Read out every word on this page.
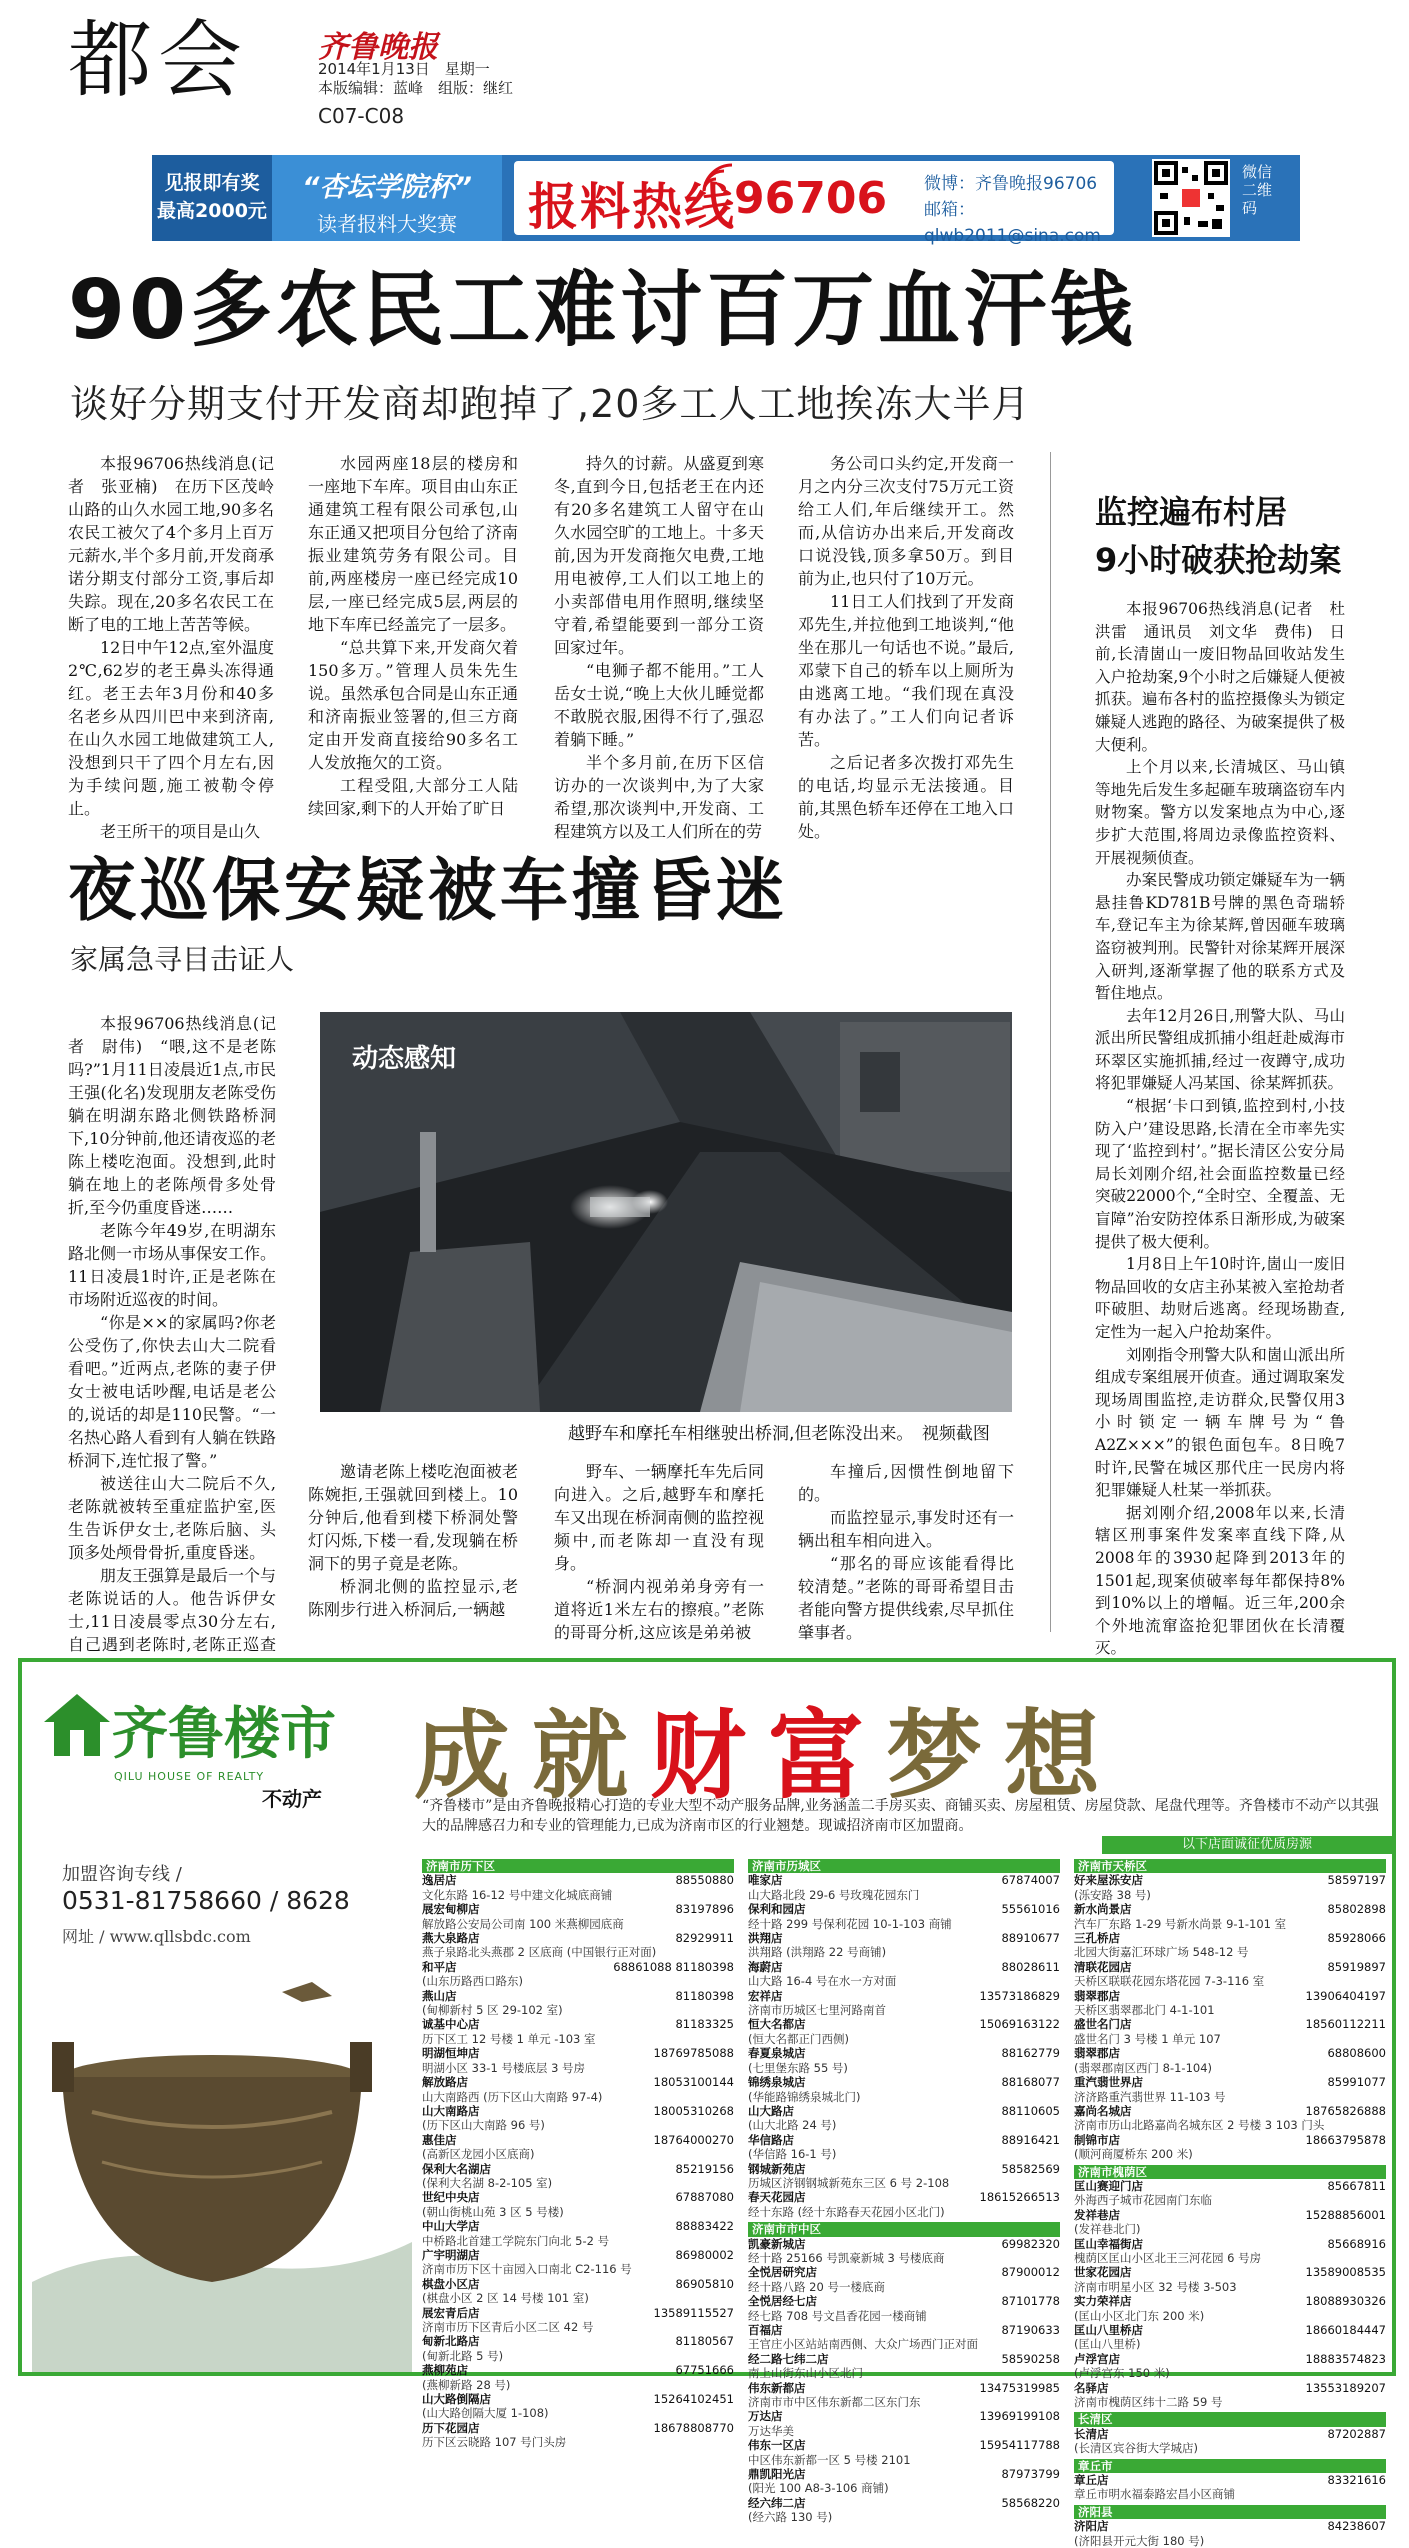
都会 齐鲁晚报
2014年1月13日　星期一
本版编辑：蓝峰　组版：继红
C07-C08
见报即有奖
最高2000元
“杏坛学院杯”
读者报料大奖赛	报料热线
96706 微博：齐鲁晚报96706
邮箱：qlwb2011@sina.com
微信二维码
90多农民工难讨百万血汗钱
谈好分期支付开发商却跑掉了,20多工人工地挨冻大半月

本报96706热线消息(记者　张亚楠)　在历下区茂岭山路的山久水园工地,90多名农民工被欠了4个多月上百万元薪水,半个多月前,开发商承诺分期支付部分工资,事后却失踪。现在,20多名农民工在断了电的工地上苦苦等候。

12日中午12点,室外温度2℃,62岁的老王鼻头冻得通红。老王去年3月份和40多名老乡从四川巴中来到济南,在山久水园工地做建筑工人,没想到只干了四个月左右,因为手续问题,施工被勒令停止。

老王所干的项目是山久

水园两座18层的楼房和一座地下车库。项目由山东正通建筑工程有限公司承包,山东正通又把项目分包给了济南振业建筑劳务有限公司。目前,两座楼房一座已经完成10层,一座已经完成5层,两层的地下车库已经盖完了一层多。

“总共算下来,开发商欠着150多万。”管理人员朱先生说。虽然承包合同是山东正通和济南振业签署的,但三方商定由开发商直接给90多名工人发放拖欠的工资。

工程受阻,大部分工人陆续回家,剩下的人开始了旷日

持久的讨薪。从盛夏到寒冬,直到今日,包括老王在内还有20多名建筑工人留守在山久水园空旷的工地上。十多天前,因为开发商拖欠电费,工地用电被停,工人们以工地上的小卖部借电用作照明,继续坚守着,希望能要到一部分工资回家过年。

“电狮子都不能用。”工人岳女士说,“晚上大伙儿睡觉都不敢脱衣服,困得不行了,强忍着躺下睡。”

半个多月前,在历下区信访办的一次谈判中,为了大家希望,那次谈判中,开发商、工程建筑方以及工人们所在的劳

务公司口头约定,开发商一月之内分三次支付75万元工资给工人们,年后继续开工。然而,从信访办出来后,开发商改口说没钱,顶多拿50万。到目前为止,也只付了10万元。

11日工人们找到了开发商邓先生,并拉他到工地谈判,“他坐在那儿一句话也不说。”最后,邓蒙下自己的轿车以上厕所为由逃离工地。“我们现在真没有办法了。”工人们向记者诉苦。

之后记者多次拨打邓先生的电话,均显示无法接通。目前,其黑色轿车还停在工地入口处。

夜巡保安疑被车撞昏迷
家属急寻目击证人
动态感知
越野车和摩托车相继驶出桥洞,但老陈没出来。　视频截图

本报96706热线消息(记者　尉伟)　“喂,这不是老陈吗?”1月11日凌晨近1点,市民王强(化名)发现朋友老陈受伤躺在明湖东路北侧铁路桥洞下,10分钟前,他还请夜巡的老陈上楼吃泡面。没想到,此时躺在地上的老陈颅骨多处骨折,至今仍重度昏迷……

老陈今年49岁,在明湖东路北侧一市场从事保安工作。11日凌晨1时许,正是老陈在市场附近巡夜的时间。

“你是××的家属吗?你老公受伤了,你快去山大二院看看吧。”近两点,老陈的妻子伊女士被电话吵醒,电话是老公的,说话的却是110民警。“一名热心路人看到有人躺在铁路桥洞下,连忙报了警。”

被送往山大二院后不久,老陈就被转至重症监护室,医生告诉伊女士,老陈后脑、头顶多处颅骨骨折,重度昏迷。

朋友王强算是最后一个与老陈说话的人。他告诉伊女士,11日凌晨零点30分左右,自己遇到老陈时,老陈正巡查

邀请老陈上楼吃泡面被老陈婉拒,王强就回到楼上。10分钟后,他看到楼下桥洞处警灯闪烁,下楼一看,发现躺在桥洞下的男子竟是老陈。

桥洞北侧的监控显示,老陈刚步行进入桥洞后,一辆越

野车、一辆摩托车先后同向进入。之后,越野车和摩托车又出现在桥洞南侧的监控视频中,而老陈却一直没有现身。

“桥洞内视弟弟身旁有一道将近1米左右的擦痕。”老陈的哥哥分析,这应该是弟弟被

车撞后,因惯性倒地留下的。

而监控显示,事发时还有一辆出租车相向进入。

“那名的哥应该能看得比较清楚。”老陈的哥哥希望目击者能向警方提供线索,尽早抓住肇事者。

监控遍布村居
9小时破获抢劫案

本报96706热线消息(记者　杜洪雷　通讯员　刘文华　费伟)　日前,长清崮山一废旧物品回收站发生入户抢劫案,9个小时之后嫌疑人便被抓获。遍布各村的监控摄像头为锁定嫌疑人逃跑的路径、为破案提供了极大便利。

上个月以来,长清城区、马山镇等地先后发生多起砸车玻璃盗窃车内财物案。警方以发案地点为中心,逐步扩大范围,将周边录像监控资料、开展视频侦查。

办案民警成功锁定嫌疑车为一辆悬挂鲁KD781B号牌的黑色奇瑞轿车,登记车主为徐某辉,曾因砸车玻璃盗窃被判刑。民警针对徐某辉开展深入研判,逐渐掌握了他的联系方式及暂住地点。

去年12月26日,刑警大队、马山派出所民警组成抓捕小组赶赴威海市环翠区实施抓捕,经过一夜蹲守,成功将犯罪嫌疑人冯某国、徐某辉抓获。

“根据‘卡口到镇,监控到村,小技防入户’建设思路,长清在全市率先实现了‘监控到村’。”据长清区公安分局局长刘刚介绍,社会面监控数量已经突破22000个,“全时空、全覆盖、无盲障”治安防控体系日渐形成,为破案提供了极大便利。

1月8日上午10时许,崮山一废旧物品回收的女店主孙某被入室抢劫者吓破胆、劫财后逃离。经现场勘查,定性为一起入户抢劫案件。

刘刚指令刑警大队和崮山派出所组成专案组展开侦查。通过调取案发现场周围监控,走访群众,民警仅用3小时锁定一辆车牌号为“鲁A2Z×××”的银色面包车。8日晚7时许,民警在城区那代庄一民房内将犯罪嫌疑人杜某一举抓获。

据刘刚介绍,2008年以来,长清辖区刑事案件发案率直线下降,从2008年的3930起降到2013年的1501起,现案侦破率每年都保持8%到10%以上的增幅。近三年,200余个外地流窜盗抢犯罪团伙在长清覆灭。

齐鲁楼市
QILU HOUSE OF REALTY
不动产
加盟咨询专线 /
0531-81758660 / 8628
网址 / www.qllsbdc.com
成就财富梦想
“齐鲁楼市”是由齐鲁晚报精心打造的专业大型不动产服务品牌,业务涵盖二手房买卖、商铺买卖、房屋租赁、房屋贷款、尾盘代理等。齐鲁楼市不动产以其强大的品牌感召力和专业的管理能力,已成为济南市区的行业翘楚。现诚招济南市区加盟商。
以下店面诚征优质房源
济南市历下区
逸居店	88550880
文化东路 16-12 号中建文化城底商铺
展宏甸柳店	83197896
解放路公安局公司南 100 米燕柳园底商
燕大泉路店	82929911
燕子泉路北头燕郡 2 区底商 (中国银行正对面)
和平店	68861088 81180398
(山东历路西口路东)
燕山店	81180398
(甸柳新村 5 区 29-102 室)
诚基中心店	81183325
历下区工 12 号楼 1 单元 -103 室
明湖恒坤店	18769785088
明湖小区 33-1 号楼底层 3 号房
解放路店	18053100144
山大南路西 (历下区山大南路 97-4)
山大南路店	18005310268
(历下区山大南路 96 号)
惠佳店	18764000270
(高新区龙园小区底商)
保利大名湖店	85219156
(保利大名湖 8-2-105 室)
世纪中央店	67887080
(朝山街桃山苑 3 区 5 号楼)
中山大学店	88883422
中桥路北首建工学院东门向北 5-2 号
广宇明湖店	86980002
济南市历下区十亩园入口南北 C2-116 号
棋盘小区店	86905810
(棋盘小区 2 区 14 号楼 101 室)
展宏青后店	13589115527
济南市历下区青后小区二区 42 号
甸新北路店	81180567
(甸新北路 5 号)
燕柳苑店	67751666
(燕柳新路 28 号)
山大路倒隔店	15264102451
(山大路创隔大厦 1-108)
历下花园店	18678808770
历下区云晓路 107 号门头房
济南市历城区
唯家店	67874007
山大路北段 29-6 号玫瑰花园东门
保利和园店	55561016
经十路 299 号保利花园 10-1-103 商铺
洪翔店	88910677
洪翔路 (洪翔路 22 号商铺)
海蔚店	88028611
山大路 16-4 号在水一方对面
宏祥店	13573186829
济南市历城区七里河路南首
恒大名都店	15069163122
(恒大名都正门西侧)
春夏泉城店	88162779
(七里堡东路 55 号)
锦绣泉城店	88168077
(华能路锦绣泉城北门)
山大路店	88110605
(山大北路 24 号)
华信路店	88916421
(华信路 16-1 号)
钢城新苑店	58582569
历城区济钢钢城新苑东三区 6 号 2-108
春天花园店	18615266513
经十东路 (经十东路春天花园小区北门)
济南市市中区
凯豪新城店	69982320
经十路 25166 号凯豪新城 3 号楼底商
全悦居研究店	87900012
经十路八路 20 号一楼底商
全悦居经七店	87101778
经七路 708 号文昌香花园一楼商铺
百福店	87190633
王官庄小区站站南西侧、大众广场西门正对面
经二路七纬二店	58590258
南上山街东山小区北门
伟东新都店	13475319985
济南市市中区伟东新都二区东门东
万达店	13969199108
万达华美
伟东一区店	15954117788
中区伟东新都一区 5 号楼 2101
鼎凯阳光店	87973799
(阳光 100 A8-3-106 商铺)
经六纬二店	58568220
(经六路 130 号)
济南市天桥区
好来屋泺安店	58597197
(泺安路 38 号)
新水尚景店	85802898
汽车厂东路 1-29 号新水尚景 9-1-101 室
三孔桥店	85928066
北园大街嘉汇环球广场 548-12 号
清联花园店	85919897
天桥区联联花园东塔花园 7-3-116 室
翡翠郡店	13906404197
天桥区翡翠郡北门 4-1-101
盛世名门店	18560112211
盛世名门 3 号楼 1 单元 107
翡翠郡店	68808600
(翡翠郡南区西门 8-1-104)
重汽翡世界店	85991077
济济路重汽翡世界 11-103 号
嘉尚名城店	18765826888
济南市历山北路嘉尚名城东区 2 号楼 3 103 门头
制锦市店	18663795878
(顺河商厦桥东 200 米)
济南市槐荫区
匡山赛迎门店	85667811
外海西子城市花园南门东临
发祥巷店	15288856001
(发祥巷北门)
匡山幸福街店	85668916
槐荫区匡山小区北王三河花园 6 号房
世家花园店	13589008535
济南市明星小区 32 号楼 3-503
实力荣祥店	18088930326
(匡山小区北门东 200 米)
匡山八里桥店	18660184447
(匡山八里桥)
卢浮宫店	18883574823
(卢浮宫东 150 米)
名驿店	13553189207
济南市槐荫区纬十二路 59 号
长清区
长清店	87202887
(长清区宾谷街大学城店)
章丘市
章丘店	83321616
章丘市明水福泰路宏昌小区商铺
济阳县
济阳店	84238607
(济阳县开元大街 180 号)
